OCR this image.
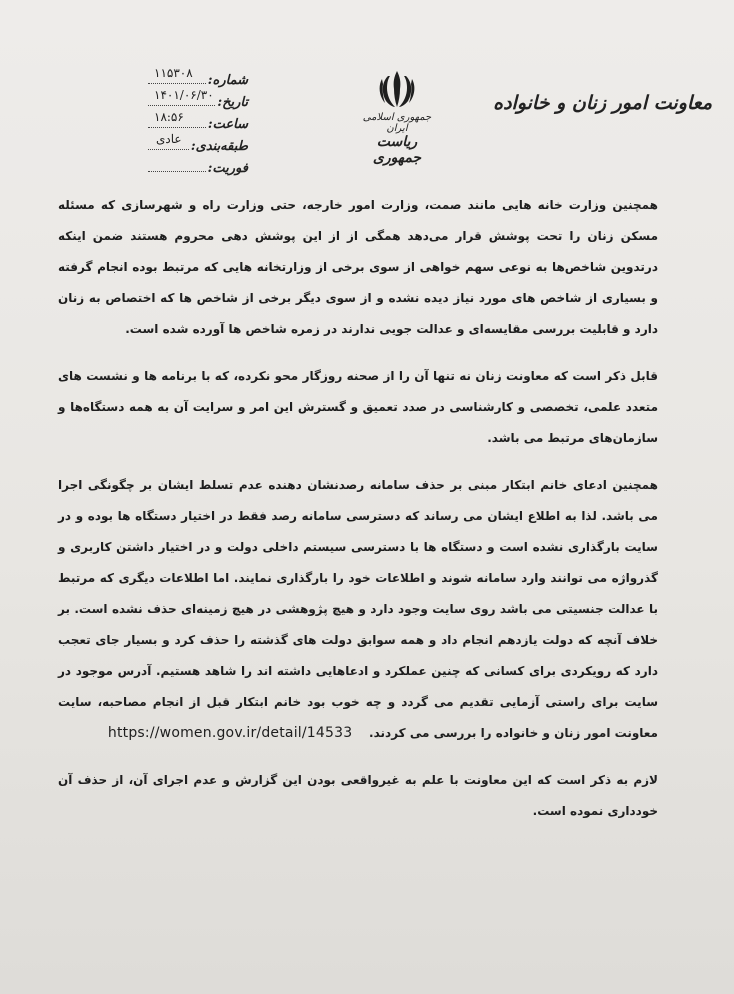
معاونت امور زنان و خانواده
جمهوری اسلامی ایران
ریاست جمهوری
شماره:
۱۱۵۳۰۸
تاریخ:
۱۴۰۱/۰۶/۳۰
ساعت:
۱۸:۵۶
طبقه‌بندی:
عادی
فوریت:

همچنین وزارت خانه هایی مانند صمت، وزارت امور خارجه، حتی وزارت راه و شهرسازی که مسئله مسکن زنان را تحت پوشش قرار می‌دهد همگی از از این پوشش دهی محروم هستند ضمن اینکه درتدوین شاخص‌ها به نوعی سهم خواهی از سوی برخی از وزارتخانه هایی که مرتبط بوده انجام گرفته و بسیاری از شاخص های مورد نیاز دیده نشده و از سوی دیگر برخی از شاخص ها که اختصاص به زنان دارد و قابلیت بررسی مقایسه‌ای و عدالت جویی ندارند در زمره شاخص ها آورده شده است.

قابل ذکر است که معاونت زنان نه تنها آن را از صحنه روزگار محو نکرده، که با برنامه ها و نشست های متعدد علمی، تخصصی و کارشناسی در صدد تعمیق و گسترش این امر و سرایت آن به همه دستگاه‌ها و سازمان‌های مرتبط می باشد.

همچنین ادعای خانم ابتکار مبنی بر حذف سامانه رصد‌نشان دهنده عدم تسلط ایشان بر چگونگی اجرا می باشد. لذا به اطلاع ایشان می رساند که دسترسی سامانه رصد فقط در اختیار دستگاه ها بوده و در سایت بارگذاری نشده است و دستگاه ها با دسترسی سیستم داخلی دولت و در اختیار داشتن کاربری و گذرواژه می توانند وارد سامانه شوند و اطلاعات خود را بارگذاری نمایند. اما اطلاعات دیگری که مرتبط با عدالت جنسیتی می باشد روی سایت وجود دارد و هیچ پژوهشی در هیچ زمینه‌ای حذف نشده است. بر خلاف آنچه که دولت یازدهم انجام داد و همه سوابق دولت های گذشته را حذف کرد و بسیار جای تعجب دارد که رویکردی برای کسانی که چنین عملکرد و ادعاهایی داشته اند را شاهد هستیم. آدرس موجود در سایت برای راستی آزمایی تقدیم می گردد و چه خوب بود خانم ابتکار قبل از انجام مصاحبه، سایت معاونت امور زنان و خانواده را بررسی می کردند.    https://women.gov.ir/detail/14533

لازم به ذکر است که این معاونت با علم به غیرواقعی بودن این گزارش و عدم اجرای آن، از حذف آن خودداری نموده است.
